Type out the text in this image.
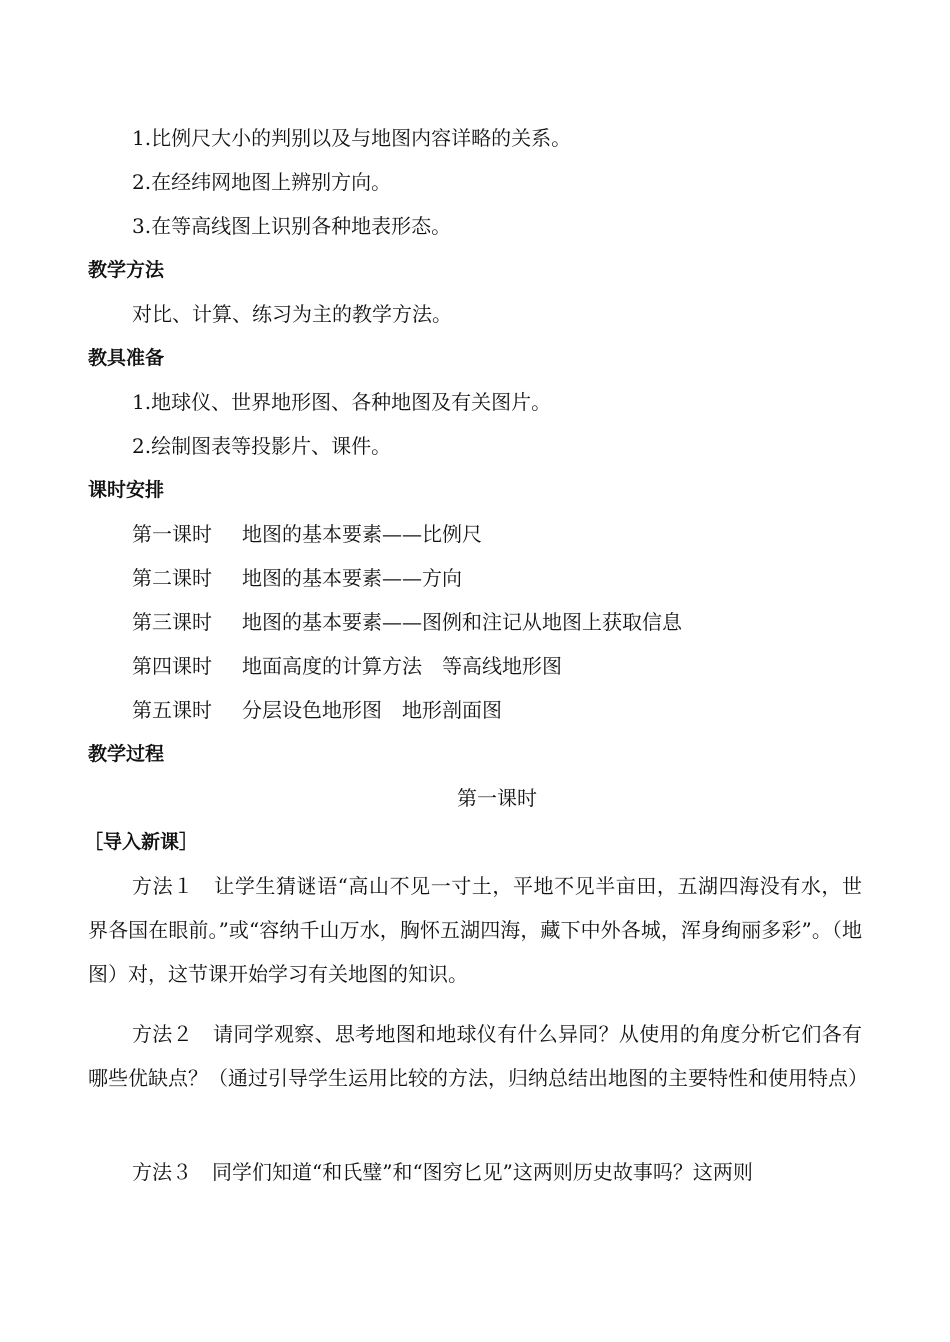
1.比例尺大小的判别以及与地图内容详略的关系。
2.在经纬网地图上辨别方向。
3.在等高线图上识别各种地表形态。
教学方法
对比、计算、练习为主的教学方法。
教具准备
1.地球仪、世界地形图、各种地图及有关图片。
2.绘制图表等投影片、课件。
课时安排
第一课时 地图的基本要素——比例尺
第二课时 地图的基本要素——方向
第三课时 地图的基本要素——图例和注记从地图上获取信息
第四课时 地面高度的计算方法　等高线地形图
第五课时 分层设色地形图　地形剖面图
教学过程
第一课时
［导入新课］
方法１　让学生猜谜语“高山不见一寸土，平地不见半亩田，五湖四海没有水，世界各国在眼前。”或“容纳千山万水，胸怀五湖四海，藏下中外各城，浑身绚丽多彩”。（地图）对，这节课开始学习有关地图的知识。
方法２　请同学观察、思考地图和地球仪有什么异同？从使用的角度分析它们各有哪些优缺点？（通过引导学生运用比较的方法，归纳总结出地图的主要特性和使用特点）
方法３　同学们知道“和氏璧”和“图穷匕见”这两则历史故事吗？这两则
